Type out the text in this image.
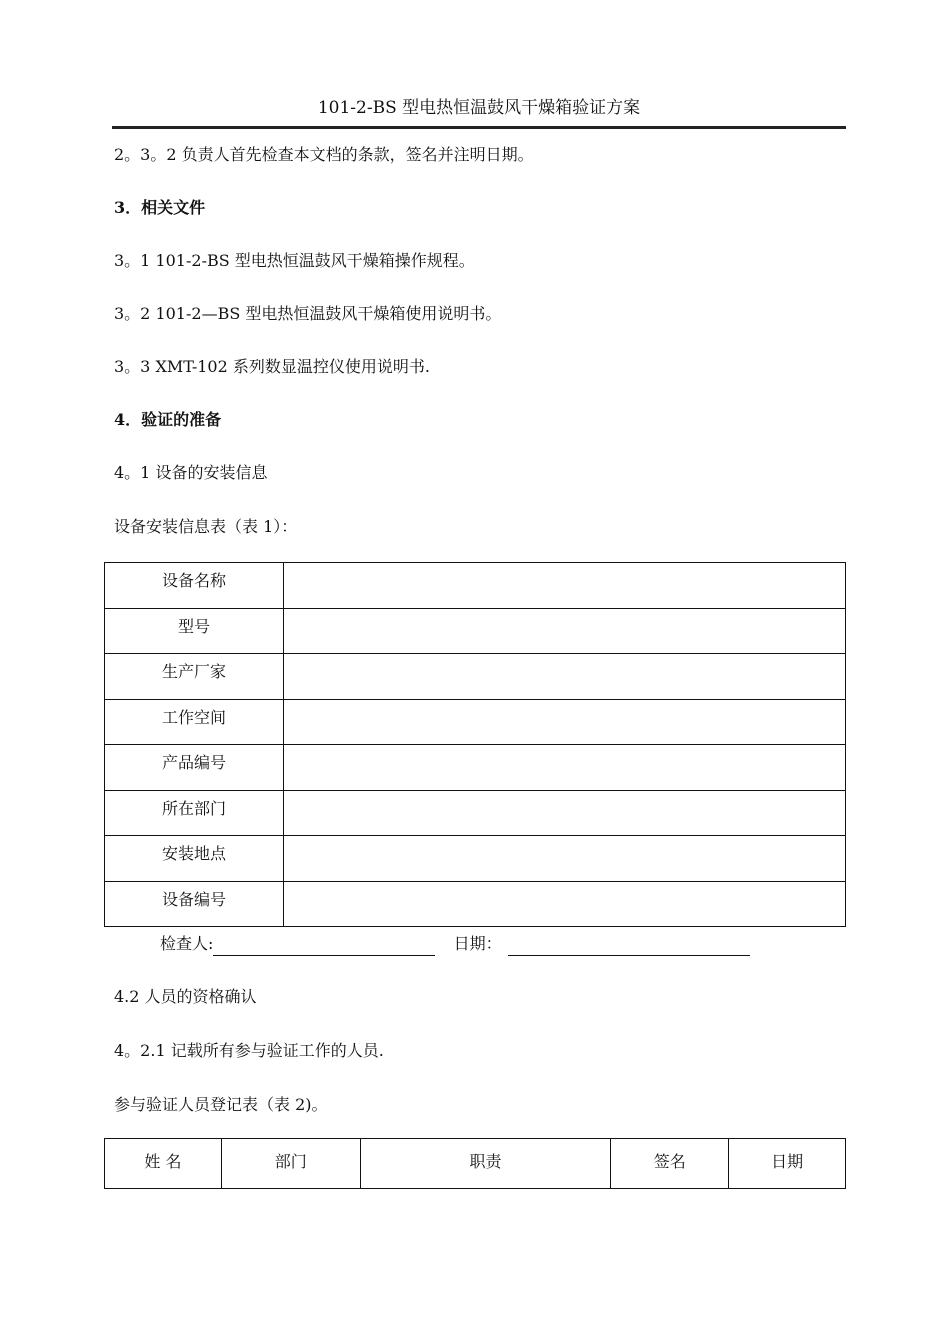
101-2-BS 型电热恒温鼓风干燥箱验证方案
2。3。2 负责人首先检查本文档的条款，签名并注明日期。
3．相关文件
3。1 101-2-BS 型电热恒温鼓风干燥箱操作规程。
3。2 101-2—BS 型电热恒温鼓风干燥箱使用说明书。
3。3 XMT-102 系列数显温控仪使用说明书.
4．验证的准备
4。1 设备的安装信息
设备安装信息表（表 1）：
设备名称	
型号	
生产厂家	
工作空间	
产品编号	
所在部门	
安装地点	
设备编号	
检查人:	日期：
4.2 人员的资格确认
4。2.1 记载所有参与验证工作的人员.
参与验证人员登记表（表 2)。
姓 名	部门	职责	签名	日期
